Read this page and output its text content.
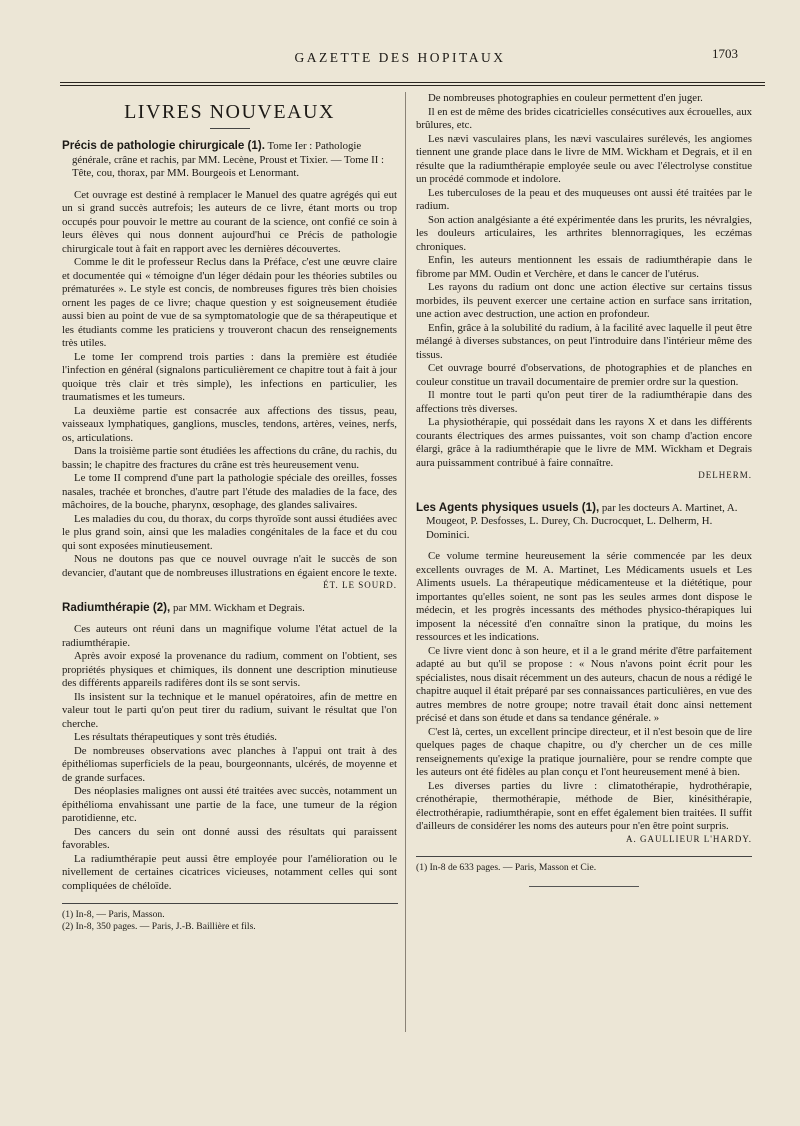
GAZETTE DES HOPITAUX	1703
LIVRES NOUVEAUX
Précis de pathologie chirurgicale (1). Tome Ier : Pathologie générale, crâne et rachis, par MM. Lecène, Proust et Tixier. — Tome II : Tête, cou, thorax, par MM. Bourgeois et Lenormant.

Cet ouvrage est destiné à remplacer le Manuel des quatre agrégés qui eut un si grand succès autrefois; les auteurs de ce livre, étant morts ou trop occupés pour pouvoir le mettre au courant de la science, ont confié ce soin à leurs élèves qui nous donnent aujourd'hui ce Précis de pathologie chirurgicale tout à fait en rapport avec les dernières découvertes.

Comme le dit le professeur Reclus dans la Préface, c'est une œuvre claire et documentée qui « témoigne d'un léger dédain pour les théories subtiles ou prématurées ». Le style est concis, de nombreuses figures très bien choisies ornent les pages de ce livre; chaque question y est soigneusement étudiée aussi bien au point de vue de sa symptomatologie que de sa thérapeutique et les étudiants comme les praticiens y trouveront chacun des renseignements très utiles.

Le tome Ier comprend trois parties : dans la première est étudiée l'infection en général (signalons particulièrement ce chapitre tout à fait à jour quoique très clair et très simple), les infections en particulier, les traumatismes et les tumeurs.

La deuxième partie est consacrée aux affections des tissus, peau, vaisseaux lymphatiques, ganglions, muscles, tendons, artères, veines, nerfs, os, articulations.

Dans la troisième partie sont étudiées les affections du crâne, du rachis, du bassin; le chapitre des fractures du crâne est très heureusement venu.

Le tome II comprend d'une part la pathologie spéciale des oreilles, fosses nasales, trachée et bronches, d'autre part l'étude des maladies de la face, des mâchoires, de la bouche, pharynx, œsophage, des glandes salivaires.

Les maladies du cou, du thorax, du corps thyroïde sont aussi étudiées avec le plus grand soin, ainsi que les maladies congénitales de la face et du cou qui sont exposées minutieusement.

Nous ne doutons pas que ce nouvel ouvrage n'ait le succès de son devancier, d'autant que de nombreuses illustrations en égaient encore le texte.

ÉT. LE SOURD.
Radiumthérapie (2), par MM. Wickham et Degrais.

Ces auteurs ont réuni dans un magnifique volume l'état actuel de la radiumthérapie.

Après avoir exposé la provenance du radium, comment on l'obtient, ses propriétés physiques et chimiques, ils donnent une description minutieuse des différents appareils radifères dont ils se sont servis.

Ils insistent sur la technique et le manuel opératoires, afin de mettre en valeur tout le parti qu'on peut tirer du radium, suivant le résultat que l'on cherche.

Les résultats thérapeutiques y sont très étudiés.

De nombreuses observations avec planches à l'appui ont trait à des épithéliomas superficiels de la peau, bourgeonnants, ulcérés, de moyenne et de grande surfaces.

Des néoplasies malignes ont aussi été traitées avec succès, notamment un épithélioma envahissant une partie de la face, une tumeur de la région parotidienne, etc.

Des cancers du sein ont donné aussi des résultats qui paraissent favorables.

La radiumthérapie peut aussi être employée pour l'amélioration ou le nivellement de certaines cicatrices vicieuses, notamment celles qui sont compliquées de chéloïde.

(1) In-8, — Paris, Masson.

(2) In-8, 350 pages. — Paris, J.-B. Baillière et fils.

De nombreuses photographies en couleur permettent d'en juger.

Il en est de même des brides cicatricielles consécutives aux écrouelles, aux brûlures, etc.

Les nævi vasculaires plans, les nævi vasculaires surélevés, les angiomes tiennent une grande place dans le livre de MM. Wickham et Degrais, et il en résulte que la radiumthérapie employée seule ou avec l'électrolyse constitue un procédé commode et indolore.

Les tuberculoses de la peau et des muqueuses ont aussi été traitées par le radium.

Son action analgésiante a été expérimentée dans les prurits, les névralgies, les douleurs articulaires, les arthrites blennorragiques, les eczémas chroniques.

Enfin, les auteurs mentionnent les essais de radiumthérapie dans le fibrome par MM. Oudin et Verchère, et dans le cancer de l'utérus.

Les rayons du radium ont donc une action élective sur certains tissus morbides, ils peuvent exercer une certaine action en surface sans irritation, une action avec destruction, une action en profondeur.

Enfin, grâce à la solubilité du radium, à la facilité avec laquelle il peut être mélangé à diverses substances, on peut l'introduire dans l'intérieur même des tissus.

Cet ouvrage bourré d'observations, de photographies et de planches en couleur constitue un travail documentaire de premier ordre sur la question.

Il montre tout le parti qu'on peut tirer de la radiumthérapie dans des affections très diverses.

La physiothérapie, qui possédait dans les rayons X et dans les différents courants électriques des armes puissantes, voit son champ d'action encore élargi, grâce à la radiumthérapie que le livre de MM. Wickham et Degrais aura puissamment contribué à faire connaître.

DELHERM.
Les Agents physiques usuels (1), par les docteurs A. Martinet, A. Mougeot, P. Desfosses, L. Durey, Ch. Ducrocquet, L. Delherm, H. Dominici.

Ce volume termine heureusement la série commencée par les deux excellents ouvrages de M. A. Martinet, Les Médicaments usuels et Les Aliments usuels. La thérapeutique médicamenteuse et la diététique, pour importantes qu'elles soient, ne sont pas les seules armes dont dispose le médecin, et les progrès incessants des méthodes physico-thérapiques lui imposent la nécessité d'en connaître sinon la pratique, du moins les ressources et les indications.

Ce livre vient donc à son heure, et il a le grand mérite d'être parfaitement adapté au but qu'il se propose : « Nous n'avons point écrit pour les spécialistes, nous disait récemment un des auteurs, chacun de nous a rédigé le chapitre auquel il était préparé par ses connaissances particulières, en vue des autres membres de notre groupe; notre travail était donc ainsi nettement précisé et dans son étude et dans sa tendance générale. »

C'est là, certes, un excellent principe directeur, et il n'est besoin que de lire quelques pages de chaque chapitre, ou d'y chercher un de ces mille renseignements qu'exige la pratique journalière, pour se rendre compte que les auteurs ont été fidèles au plan conçu et l'ont heureusement mené à bien.

Les diverses parties du livre : climatothérapie, hydrothérapie, crénothérapie, thermothérapie, méthode de Bier, kinésithérapie, électrothérapie, radiumthérapie, sont en effet également bien traitées. Il suffit d'ailleurs de considérer les noms des auteurs pour n'en être point surpris.

A. GAULLIEUR L'HARDY.

(1) In-8 de 633 pages. — Paris, Masson et Cie.
